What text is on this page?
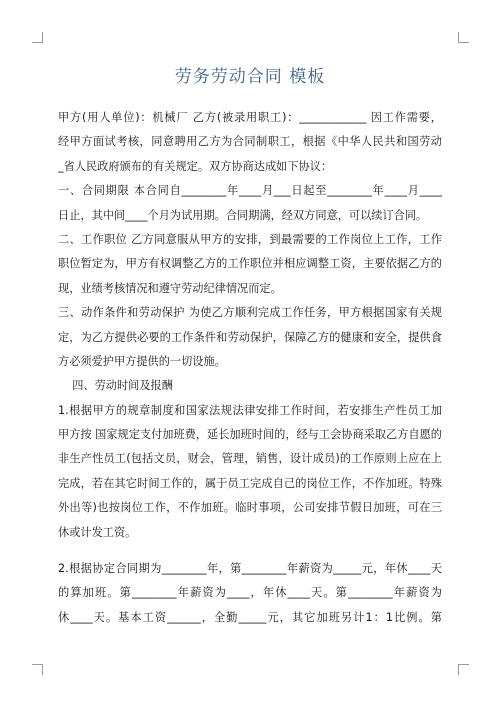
劳务劳动合同 模板
甲方(用人单位)：机械厂 乙方(被录用职工)：____________ 因工作需要，
经甲方面试考核，同意聘用乙方为合同制职工，根据《中华人民共和国劳动
_省人民政府颁布的有关规定。双方协商达成如下协议：
一、合同期限 本合同自________年____月___日起至________年____月____
日止，其中间____个月为试用期。合同期满，经双方同意，可以续订合同。
二、工作职位 乙方同意服从甲方的安排，到最需要的工作岗位上工作，工作
职位暂定为，甲方有权调整乙方的工作职位并相应调整工资，主要依据乙方的
现，业绩考核情况和遵守劳动纪律情况而定。
三、动作条件和劳动保护 为使乙方顺利完成工作任务，甲方根据国家有关规
定，为乙方提供必要的工作条件和劳动保护，保障乙方的健康和安全，提供食
方必须爱护甲方提供的一切设施。
四、劳动时间及报酬
1.根据甲方的规章制度和国家法规法律安排工作时间，若安排生产性员工加
甲方按 国家规定支付加班费，延长加班时间的，经与工会协商采取乙方自愿的
非生产性员工(包括文员，财会，管理，销售，设计成员)的工作原则上应在上
完成，若在其它时间工作的，属于员工完成自己的岗位工作，不作加班。特殊
外出等)也按岗位工作，不作加班。临时事项，公司安排节假日加班，可在三
休或计发工资。
2.根据协定合同期为________年，第________年薪资为_____元，年休____天
的算加班。第________年薪资为____，年休____天。第________年薪资为
休____天。基本工资______，全勤_____元，其它加班另计1：1比例。第
